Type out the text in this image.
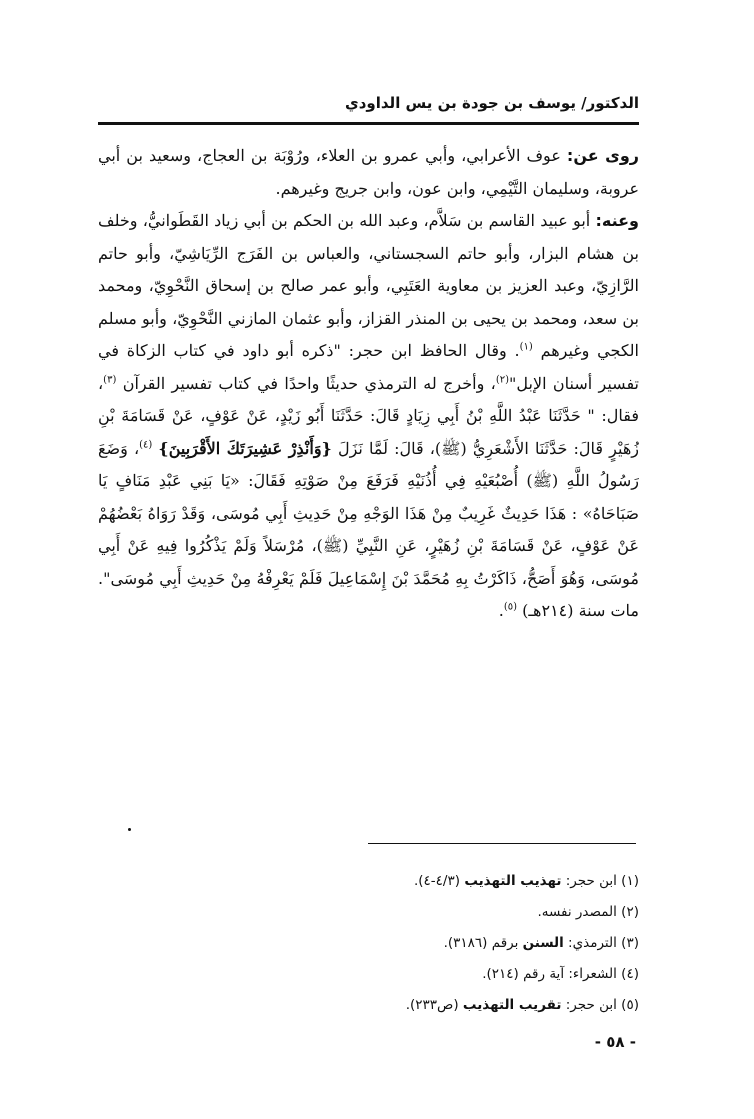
الدكتور/ يوسف بن جودة بن يس الداودي

روى عن: عوف الأعرابي، وأبي عمرو بن العلاء، ورُوْبَة بن العجاج، وسعيد بن أبي عروبة، وسليمان التَّيْمِي، وابن عون، وابن جريج وغيرهم.

وعنه: أبو عبيد القاسم بن سَلاَّم، وعبد الله بن الحكم بن أبي زياد القَطَوانيُّ، وخلف بن هشام البزار، وأبو حاتم السجستاني، والعباس بن الفَرَج الرِّيَاشِيّ، وأبو حاتم الرَّازِيّ، وعبد العزيز بن معاوية العَتَبِي، وأبو عمر صالح بن إسحاق النَّحْوِيّ، ومحمد بن سعد، ومحمد بن يحيى بن المنذر القزاز، وأبو عثمان المازني النَّحْوِيّ، وأبو مسلم الكجي وغيرهم $^{(١)}$. وقال الحافظ ابن حجر: "ذكره أبو داود في كتاب الزكاة في تفسير أسنان الإبل"$^{(٢)}$، وأخرج له الترمذي حديثًا واحدًا في كتاب تفسير القرآن $^{(٣)}$، فقال: " حَدَّثَنَا عَبْدُ اللَّهِ بْنُ أَبِي زِيَادٍ قَالَ: حَدَّثَنَا أَبُو زَيْدٍ، عَنْ عَوْفٍ، عَنْ قَسَامَةَ بْنِ زُهَيْرٍ قَالَ: حَدَّثَنَا الأَشْعَرِيُّ (ﷺ)، قَالَ: لَمَّا نَزَلَ {وَأَنْذِرْ عَشِيرَتَكَ الأَقْرَبِينَ} $^{(٤)}$، وَضَعَ رَسُولُ اللَّهِ (ﷺ) أُصْبُعَيْهِ فِي أُذُنَيْهِ فَرَفَعَ مِنْ صَوْتِهِ فَقَالَ: «يَا بَنِي عَبْدِ مَنَافٍ يَا صَبَاحَاهُ» : هَذَا حَدِيثٌ غَرِيبٌ مِنْ هَذَا الوَجْهِ مِنْ حَدِيثِ أَبِي مُوسَى، وَقَدْ رَوَاهُ بَعْضُهُمْ عَنْ عَوْفٍ، عَنْ قَسَامَةَ بْنِ زُهَيْرٍ، عَنِ النَّبِيِّ (ﷺ)، مُرْسَلاً وَلَمْ يَذْكُرُوا فِيهِ عَنْ أَبِي مُوسَى، وَهُوَ أَصَحُّ، ذَاكَرْتُ بِهِ مُحَمَّدَ بْنَ إِسْمَاعِيلَ فَلَمْ يَعْرِفْهُ مِنْ حَدِيثِ أَبِي مُوسَى". مات سنة (٢١٤هـ) $^{(٥)}$.

(١) ابن حجر: تهذيب التهذيب (٤/٣-٤).

(٢) المصدر نفسه.

(٣) الترمذي: السنن برقم (٣١٨٦).

(٤) الشعراء: آية رقم (٢١٤).

(٥) ابن حجر: تقريب التهذيب (ص٢٣٣).

- ٥٨ -
